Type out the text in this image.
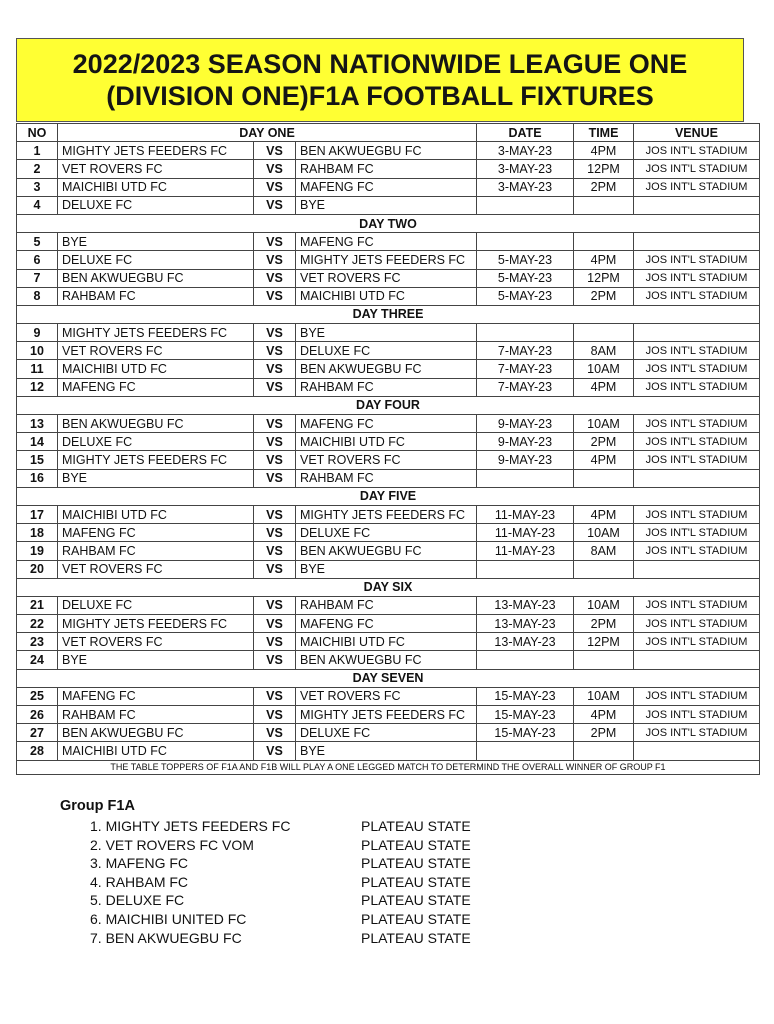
2022/2023 SEASON NATIONWIDE LEAGUE ONE
(DIVISION ONE)F1A FOOTBALL FIXTURES
NO	DAY ONE			DATE	TIME	VENUE
1	MIGHTY JETS FEEDERS FC	VS	BEN AKWUEGBU FC	3-MAY-23	4PM	JOS INT'L STADIUM
2	VET ROVERS FC	VS	RAHBAM FC	3-MAY-23	12PM	JOS INT'L STADIUM
3	MAICHIBI UTD FC	VS	MAFENG FC	3-MAY-23	2PM	JOS INT'L STADIUM
4	DELUXE FC	VS	BYE			
DAY TWO						
5	BYE	VS	MAFENG FC			
6	DELUXE FC	VS	MIGHTY JETS FEEDERS FC	5-MAY-23	4PM	JOS INT'L STADIUM
7	BEN AKWUEGBU FC	VS	VET ROVERS FC	5-MAY-23	12PM	JOS INT'L STADIUM
8	RAHBAM FC	VS	MAICHIBI UTD FC	5-MAY-23	2PM	JOS INT'L STADIUM
DAY THREE						
9	MIGHTY JETS FEEDERS FC	VS	BYE			
10	VET ROVERS FC	VS	DELUXE FC	7-MAY-23	8AM	JOS INT'L STADIUM
11	MAICHIBI UTD FC	VS	BEN AKWUEGBU FC	7-MAY-23	10AM	JOS INT'L STADIUM
12	MAFENG FC	VS	RAHBAM FC	7-MAY-23	4PM	JOS INT'L STADIUM
DAY FOUR						
13	BEN AKWUEGBU FC	VS	MAFENG FC	9-MAY-23	10AM	JOS INT'L STADIUM
14	DELUXE FC	VS	MAICHIBI UTD FC	9-MAY-23	2PM	JOS INT'L STADIUM
15	MIGHTY JETS FEEDERS FC	VS	VET ROVERS FC	9-MAY-23	4PM	JOS INT'L STADIUM
16	BYE	VS	RAHBAM FC			
DAY FIVE						
17	MAICHIBI UTD FC	VS	MIGHTY JETS FEEDERS FC	11-MAY-23	4PM	JOS INT'L STADIUM
18	MAFENG FC	VS	DELUXE FC	11-MAY-23	10AM	JOS INT'L STADIUM
19	RAHBAM FC	VS	BEN AKWUEGBU FC	11-MAY-23	8AM	JOS INT'L STADIUM
20	VET ROVERS FC	VS	BYE			
DAY SIX						
21	DELUXE FC	VS	RAHBAM FC	13-MAY-23	10AM	JOS INT'L STADIUM
22	MIGHTY JETS FEEDERS FC	VS	MAFENG FC	13-MAY-23	2PM	JOS INT'L STADIUM
23	VET ROVERS FC	VS	MAICHIBI UTD FC	13-MAY-23	12PM	JOS INT'L STADIUM
24	BYE	VS	BEN AKWUEGBU FC			
DAY SEVEN						
25	MAFENG FC	VS	VET ROVERS FC	15-MAY-23	10AM	JOS INT'L STADIUM
26	RAHBAM FC	VS	MIGHTY JETS FEEDERS FC	15-MAY-23	4PM	JOS INT'L STADIUM
27	BEN AKWUEGBU FC	VS	DELUXE FC	15-MAY-23	2PM	JOS INT'L STADIUM
28	MAICHIBI UTD FC	VS	BYE			
THE TABLE TOPPERS OF F1A AND F1B WILL PLAY A ONE LEGGED MATCH TO DETERMIND THE OVERALL WINNER OF GROUP F1						
Group F1A
1. MIGHTY JETS FEEDERS FC	PLATEAU STATE
2. VET ROVERS FC VOM	PLATEAU STATE
3. MAFENG FC	PLATEAU STATE
4. RAHBAM FC	PLATEAU STATE
5. DELUXE FC	PLATEAU STATE
6. MAICHIBI UNITED FC	PLATEAU STATE
7. BEN AKWUEGBU FC	PLATEAU STATE
